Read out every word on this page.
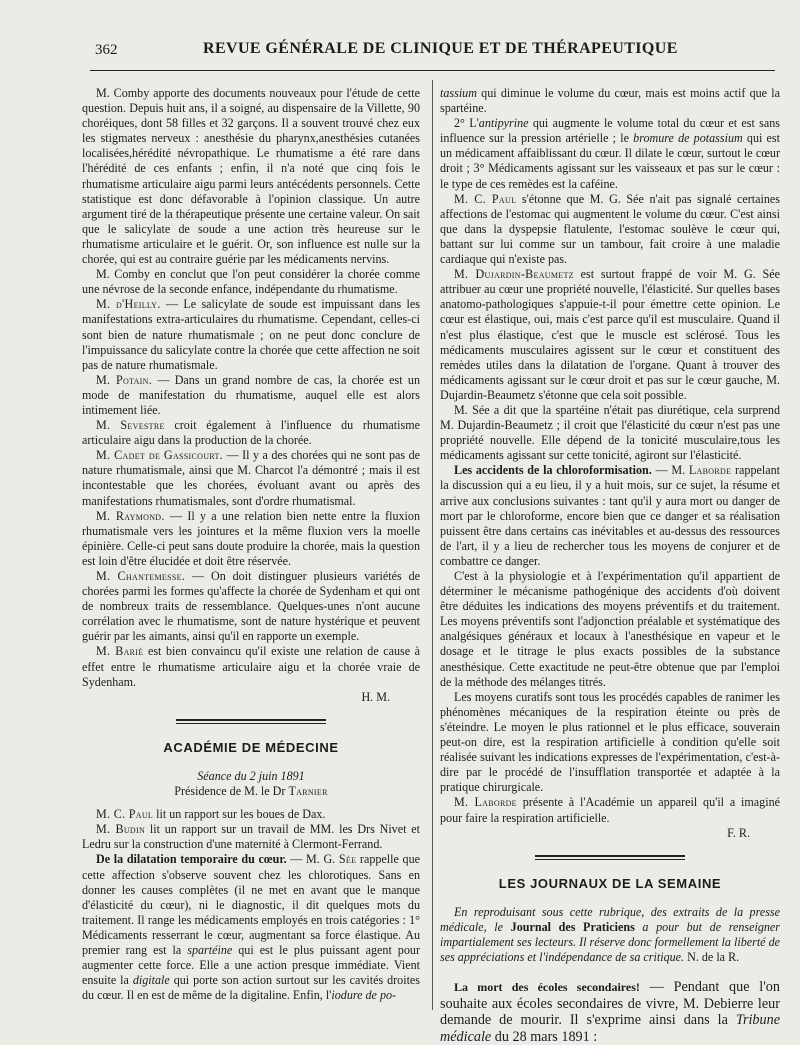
362	REVUE GÉNÉRALE DE CLINIQUE ET DE THÉRAPEUTIQUE

M. Comby apporte des documents nouveaux pour l'étude de cette question. Depuis huit ans, il a soigné, au dispensaire de la Villette, 90 choréiques, dont 58 filles et 32 garçons. Il a souvent trouvé chez eux les stigmates nerveux : anesthésie du pharynx,anesthésies cutanées localisées,hérédité névropathique. Le rhumatisme a été rare dans l'hérédité de ces enfants ; enfin, il n'a noté que cinq fois le rhumatisme articulaire aigu parmi leurs antécédents personnels. Cette statistique est donc défavorable à l'opinion classique. Un autre argument tiré de la thérapeutique présente une certaine valeur. On sait que le salicylate de soude a une action très heureuse sur le rhumatisme articulaire et le guérit. Or, son influence est nulle sur la chorée, qui est au contraire guérie par les médicaments nervins.

M. Comby en conclut que l'on peut considérer la chorée comme une névrose de la seconde enfance, indépendante du rhumatisme.

M. d'Heilly. — Le salicylate de soude est impuissant dans les manifestations extra-articulaires du rhumatisme. Cependant, celles-ci sont bien de nature rhumatismale ; on ne peut donc conclure de l'impuissance du salicylate contre la chorée que cette affection ne soit pas de nature rhumatismale.

M. Potain. — Dans un grand nombre de cas, la chorée est un mode de manifestation du rhumatisme, auquel elle est alors intimement liée.

M. Sevestre croit également à l'influence du rhumatisme articulaire aigu dans la production de la chorée.

M. Cadet de Gassicourt. — Il y a des chorées qui ne sont pas de nature rhumatismale, ainsi que M. Charcot l'a démontré ; mais il est incontestable que les chorées, évoluant avant ou après des manifestations rhumatismales, sont d'ordre rhumatismal.

M. Raymond. — Il y a une relation bien nette entre la fluxion rhumatismale vers les jointures et la même fluxion vers la moelle épinière. Celle-ci peut sans doute produire la chorée, mais la question est loin d'être élucidée et doit être réservée.

M. Chantemesse. — On doit distinguer plusieurs variétés de chorées parmi les formes qu'affecte la chorée de Sydenham et qui ont de nombreux traits de ressemblance. Quelques-unes n'ont aucune corrélation avec le rhumatisme, sont de nature hystérique et peuvent guérir par les aimants, ainsi qu'il en rapporte un exemple.

M. Barié est bien convaincu qu'il existe une relation de cause à effet entre le rhumatisme articulaire aigu et la chorée vraie de Sydenham.

H. M.
ACADÉMIE DE MÉDECINE

Séance du 2 juin 1891

Présidence de M. le Dr Tarnier

M. C. Paul lit un rapport sur les boues de Dax.

M. Budin lit un rapport sur un travail de MM. les Drs Nivet et Ledru sur la construction d'une maternité à Clermont-Ferrand.

De la dilatation temporaire du cœur. — M. G. Sée rappelle que cette affection s'observe souvent chez les chlorotiques. Sans en donner les causes complètes (il ne met en avant que le manque d'élasticité du cœur), ni le diagnostic, il dit quelques mots du traitement. Il range les médicaments employés en trois catégories : 1° Médicaments resserrant le cœur, augmentant sa force élastique. Au premier rang est la spartéine qui est le plus puissant agent pour augmenter cette force. Elle a une action presque immédiate. Vient ensuite la digitale qui porte son action surtout sur les cavités droites du cœur. Il en est de même de la digitaline. Enfin, l'iodure de po-

tassium qui diminue le volume du cœur, mais est moins actif que la spartéine.

2° L'antipyrine qui augmente le volume total du cœur et est sans influence sur la pression artérielle ; le bromure de potassium qui est un médicament affaiblissant du cœur. Il dilate le cœur, surtout le cœur droit ; 3° Médicaments agissant sur les vaisseaux et pas sur le cœur : le type de ces remèdes est la caféine.

M. C. Paul s'étonne que M. G. Sée n'ait pas signalé certaines affections de l'estomac qui augmentent le volume du cœur. C'est ainsi que dans la dyspepsie flatulente, l'estomac soulève le cœur qui, battant sur lui comme sur un tambour, fait croire à une maladie cardiaque qui n'existe pas.

M. Dujardin-Beaumetz est surtout frappé de voir M. G. Sée attribuer au cœur une propriété nouvelle, l'élasticité. Sur quelles bases anatomo-pathologiques s'appuie-t-il pour émettre cette opinion. Le cœur est élastique, oui, mais c'est parce qu'il est musculaire. Quand il n'est plus élastique, c'est que le muscle est sclérosé. Tous les médicaments musculaires agissent sur le cœur et constituent des remèdes utiles dans la dilatation de l'organe. Quant à trouver des médicaments agissant sur le cœur droit et pas sur le cœur gauche, M. Dujardin-Beaumetz s'étonne que cela soit possible.

M. Sée a dit que la spartéine n'était pas diurétique, cela surprend M. Dujardin-Beaumetz ; il croit que l'élasticité du cœur n'est pas une propriété nouvelle. Elle dépend de la tonicité musculaire,tous les médicaments agissant sur cette tonicité, agiront sur l'élasticité.

Les accidents de la chloroformisation. — M. Laborde rappelant la discussion qui a eu lieu, il y a huit mois, sur ce sujet, la résume et arrive aux conclusions suivantes : tant qu'il y aura mort ou danger de mort par le chloroforme, encore bien que ce danger et sa réalisation puissent être dans certains cas inévitables et au-dessus des ressources de l'art, il y a lieu de rechercher tous les moyens de conjurer et de combattre ce danger.

C'est à la physiologie et à l'expérimentation qu'il appartient de déterminer le mécanisme pathogénique des accidents d'où doivent être déduites les indications des moyens préventifs et du traitement. Les moyens préventifs sont l'adjonction préalable et systématique des analgésiques généraux et locaux à l'anesthésique en vapeur et le dosage et le titrage le plus exacts possibles de la substance anesthésique. Cette exactitude ne peut-être obtenue que par l'emploi de la méthode des mélanges titrés.

Les moyens curatifs sont tous les procédés capables de ranimer les phénomènes mécaniques de la respiration éteinte ou près de s'éteindre. Le moyen le plus rationnel et le plus efficace, souverain peut-on dire, est la respiration artificielle à condition qu'elle soit réalisée suivant les indications expresses de l'expérimentation, c'est-à-dire par le procédé de l'insufflation transportée et adaptée à la pratique chirurgicale.

M. Laborde présente à l'Académie un appareil qu'il a imaginé pour faire la respiration artificielle.

F. R.
LES JOURNAUX DE LA SEMAINE

En reproduisant sous cette rubrique, des extraits de la presse médicale, le Journal des Praticiens a pour but de renseigner impartialement ses lecteurs. Il réserve donc formellement la liberté de ses appréciations et l'indépendance de sa critique. N. de la R.

La mort des écoles secondaires! — Pendant que l'on souhaite aux écoles secondaires de vivre, M. Debierre leur demande de mourir. Il s'exprime ainsi dans la Tribune médicale du 28 mars 1891 :
